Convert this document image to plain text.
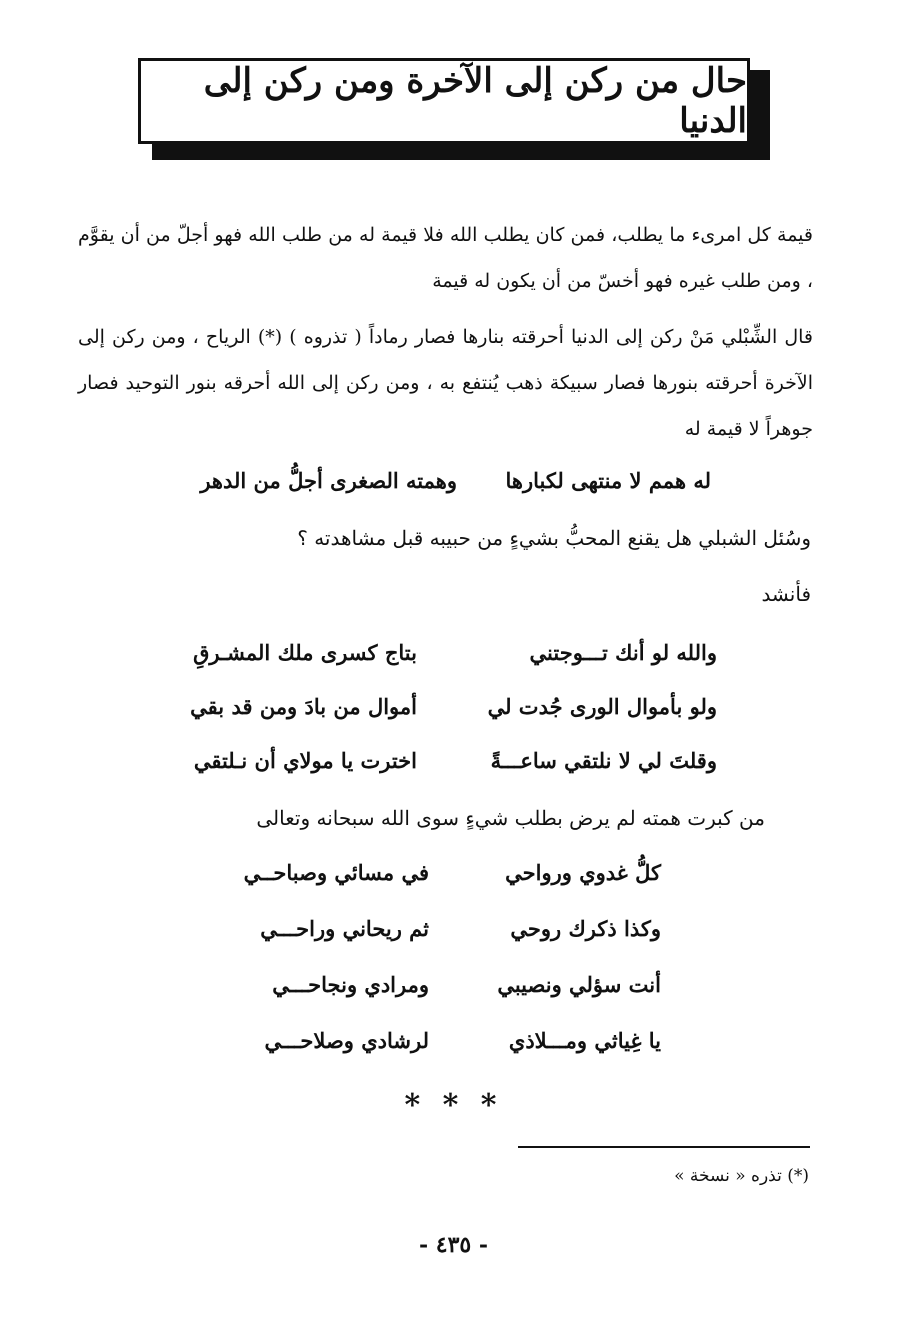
حال من ركن إلى الآخرة ومن ركن إلى الدنيا
قيمة كل امرىء ما يطلب، فمن كان يطلب الله فلا قيمة له من طلب الله فهو أجلّ من أن يقوَّم ، ومن طلب غيره فهو أخسّ من أن يكون له قيمة
قال الشِّبْلي مَنْ ركن إلى الدنيا أحرقته بنارها فصار رماداً ( تذروه ) (*) الرياح ، ومن ركن إلى الآخرة أحرقته بنورها فصار سبيكة ذهب يُنتفع به ، ومن ركن إلى الله أحرقه بنور التوحيد فصار جوهراً لا قيمة له
له همم لا منتهى لكبارها
وهمته الصغرى أجلُّ من الدهر
وسُئل الشبلي هل يقنع المحبُّ بشيءٍ من حبيبه قبل مشاهدته ؟
فأنشد
والله لو أنك تـــوجتني
بتاج كسرى ملك المشـرقِ
ولو بأموال الورى جُدت لي
أموال من بادَ ومن قد بقي
وقلتَ لي لا نلتقي ساعـــةً
اخترت يا مولاي أن نـلتقي
من كبرت همته لم يرض بطلب شيءٍ سوى الله سبحانه وتعالى
كلُّ غدوي ورواحي
في مسائي وصباحــي
وكذا ذكرك روحي
ثم ريحاني وراحـــي
أنت سؤلي ونصيبي
ومرادي ونجاحـــي
يا غِياثي ومـــلاذي
لرشادي وصلاحـــي
* * *
(*) تذره « نسخة »
- ٤٣٥ -
